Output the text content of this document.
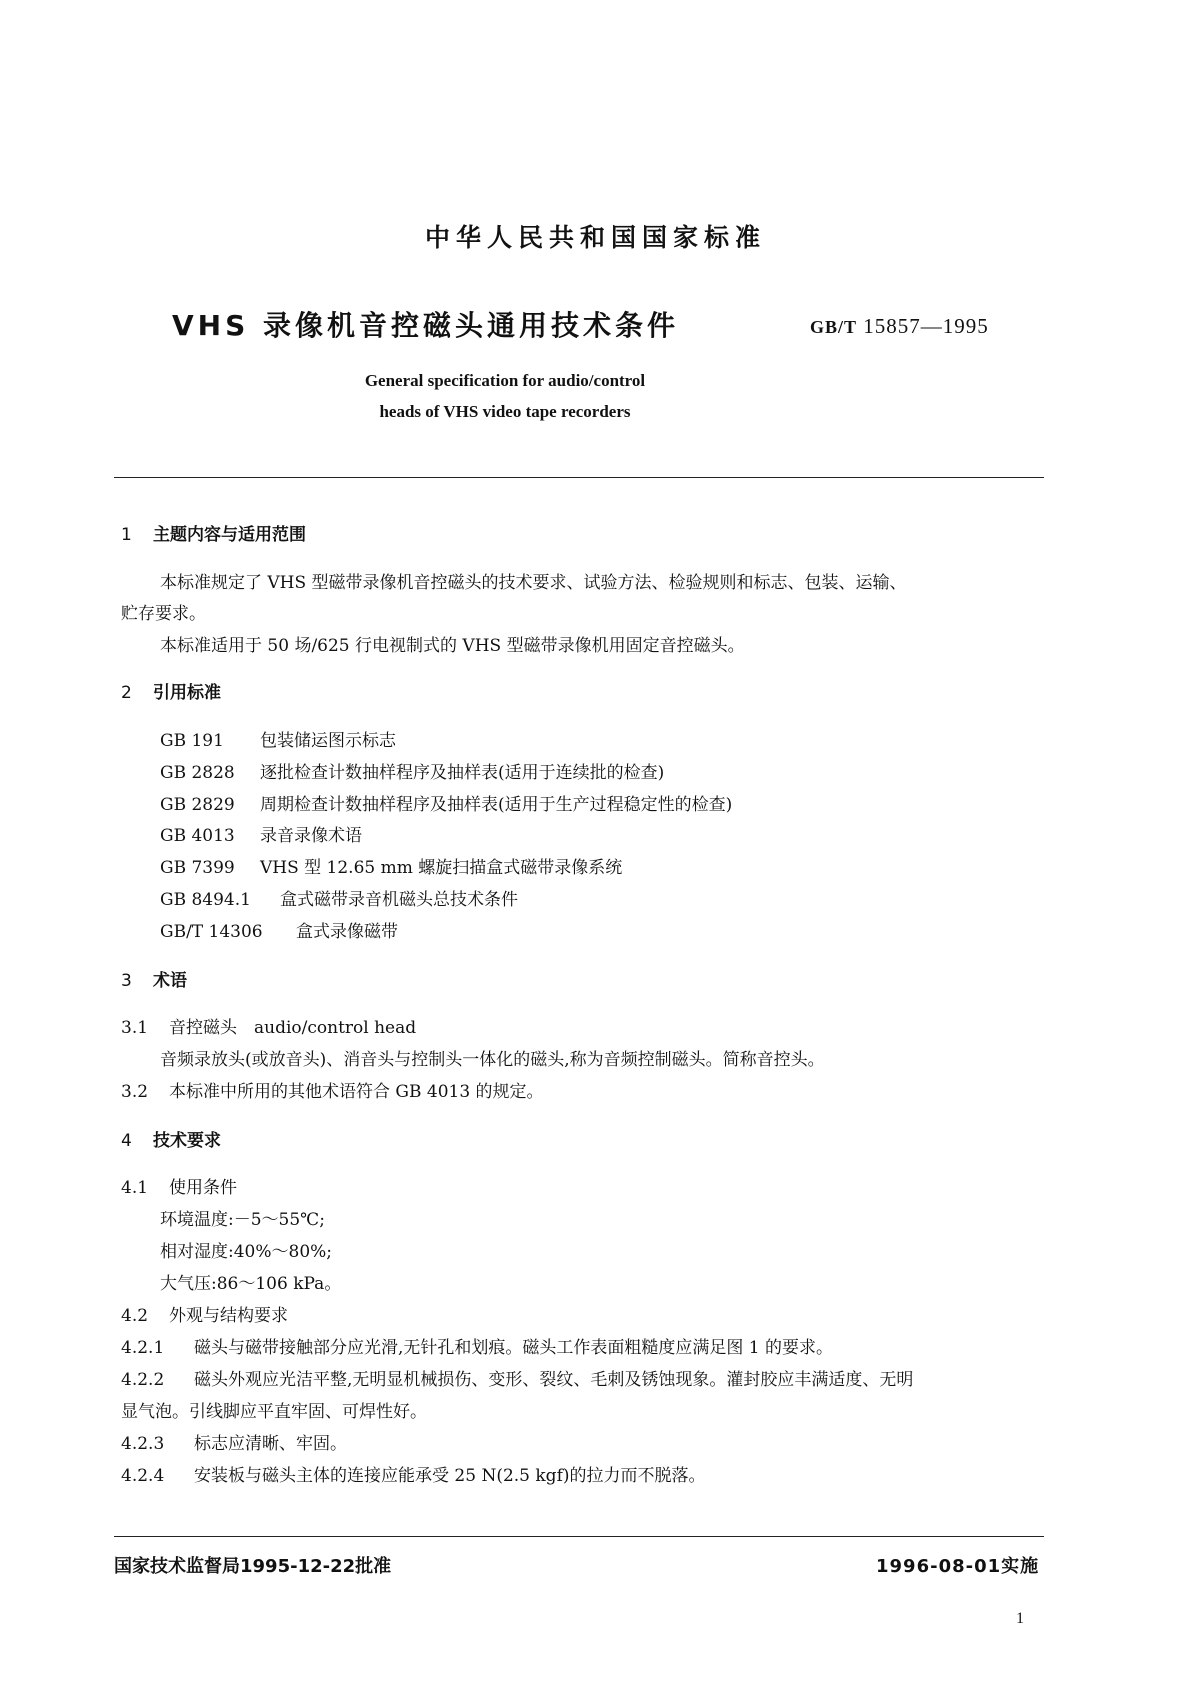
中华人民共和国国家标准
VHS 录像机音控磁头通用技术条件	GB/T 15857—1995
General specification for audio/control
heads of VHS video tape recorders
1 主题内容与适用范围
本标准规定了 VHS 型磁带录像机音控磁头的技术要求、试验方法、检验规则和标志、包装、运输、
贮存要求。
本标准适用于 50 场/625 行电视制式的 VHS 型磁带录像机用固定音控磁头。
2 引用标准
GB 191 包装储运图示标志
GB 2828 逐批检查计数抽样程序及抽样表(适用于连续批的检查)
GB 2829 周期检查计数抽样程序及抽样表(适用于生产过程稳定性的检查)
GB 4013 录音录像术语
GB 7399 VHS 型 12.65 mm 螺旋扫描盒式磁带录像系统
GB 8494.1 盒式磁带录音机磁头总技术条件
GB/T 14306 盒式录像磁带
3 术语
3.1 音控磁头　audio/control head
音频录放头(或放音头)、消音头与控制头一体化的磁头,称为音频控制磁头。简称音控头。
3.2 本标准中所用的其他术语符合 GB 4013 的规定。
4 技术要求
4.1 使用条件
环境温度:－5～55℃;
相对湿度:40%～80%;
大气压:86～106 kPa。
4.2 外观与结构要求
4.2.1 磁头与磁带接触部分应光滑,无针孔和划痕。磁头工作表面粗糙度应满足图 1 的要求。
4.2.2 磁头外观应光洁平整,无明显机械损伤、变形、裂纹、毛刺及锈蚀现象。灌封胶应丰满适度、无明
显气泡。引线脚应平直牢固、可焊性好。
4.2.3 标志应清晰、牢固。
4.2.4 安装板与磁头主体的连接应能承受 25 N(2.5 kgf)的拉力而不脱落。
国家技术监督局1995-12-22批准	1996-08-01实施
1
